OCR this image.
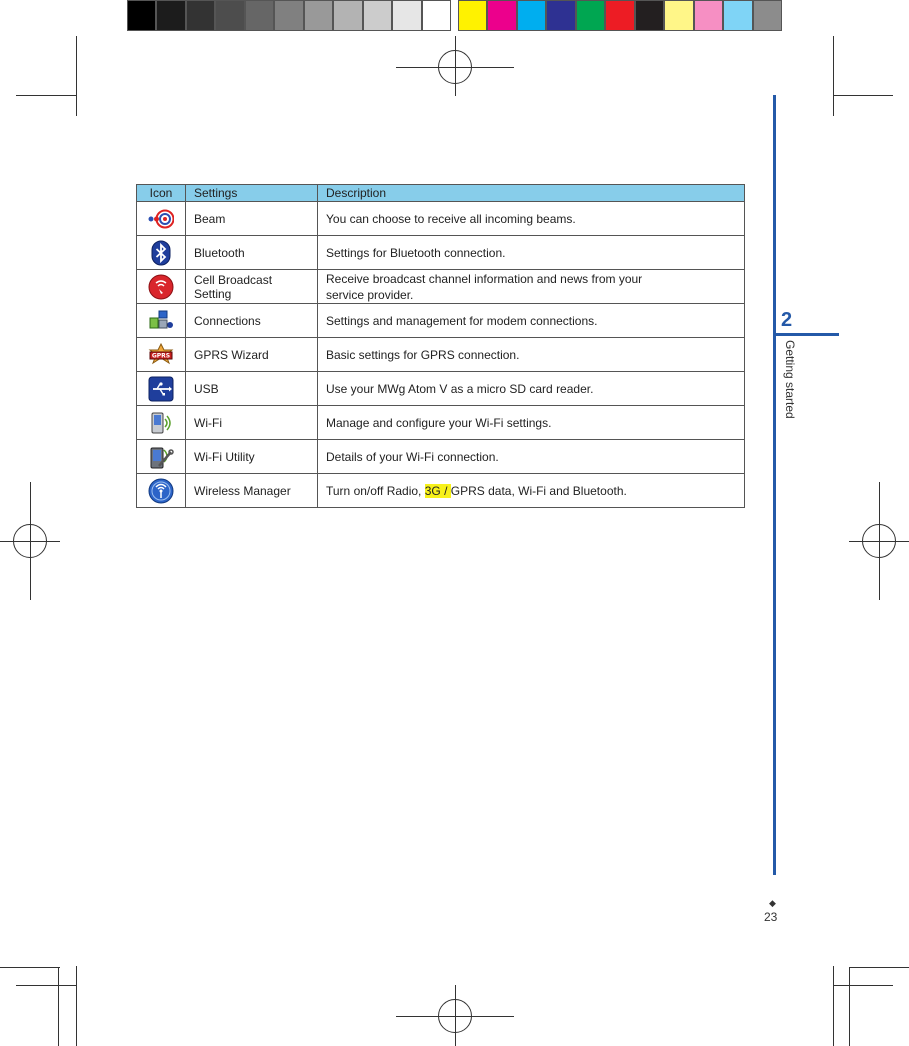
Icon	Settings	Description
	Beam	You can choose to receive all incoming beams.
	Bluetooth	Settings for Bluetooth connection.
	Cell Broadcast Setting	Receive broadcast channel information and news from your
service provider.
	Connections	Settings and management for modem connections.

GPRS	GPRS Wizard	Basic settings for GPRS connection.
	USB	Use your MWg Atom V as a micro SD card reader.
	Wi-Fi	Manage and configure your Wi-Fi settings.
	Wi-Fi Utility	Details of your Wi-Fi connection.
	Wireless Manager	Turn on/off Radio, 3G / GPRS data, Wi-Fi and Bluetooth.
2
Getting started
◆
23
